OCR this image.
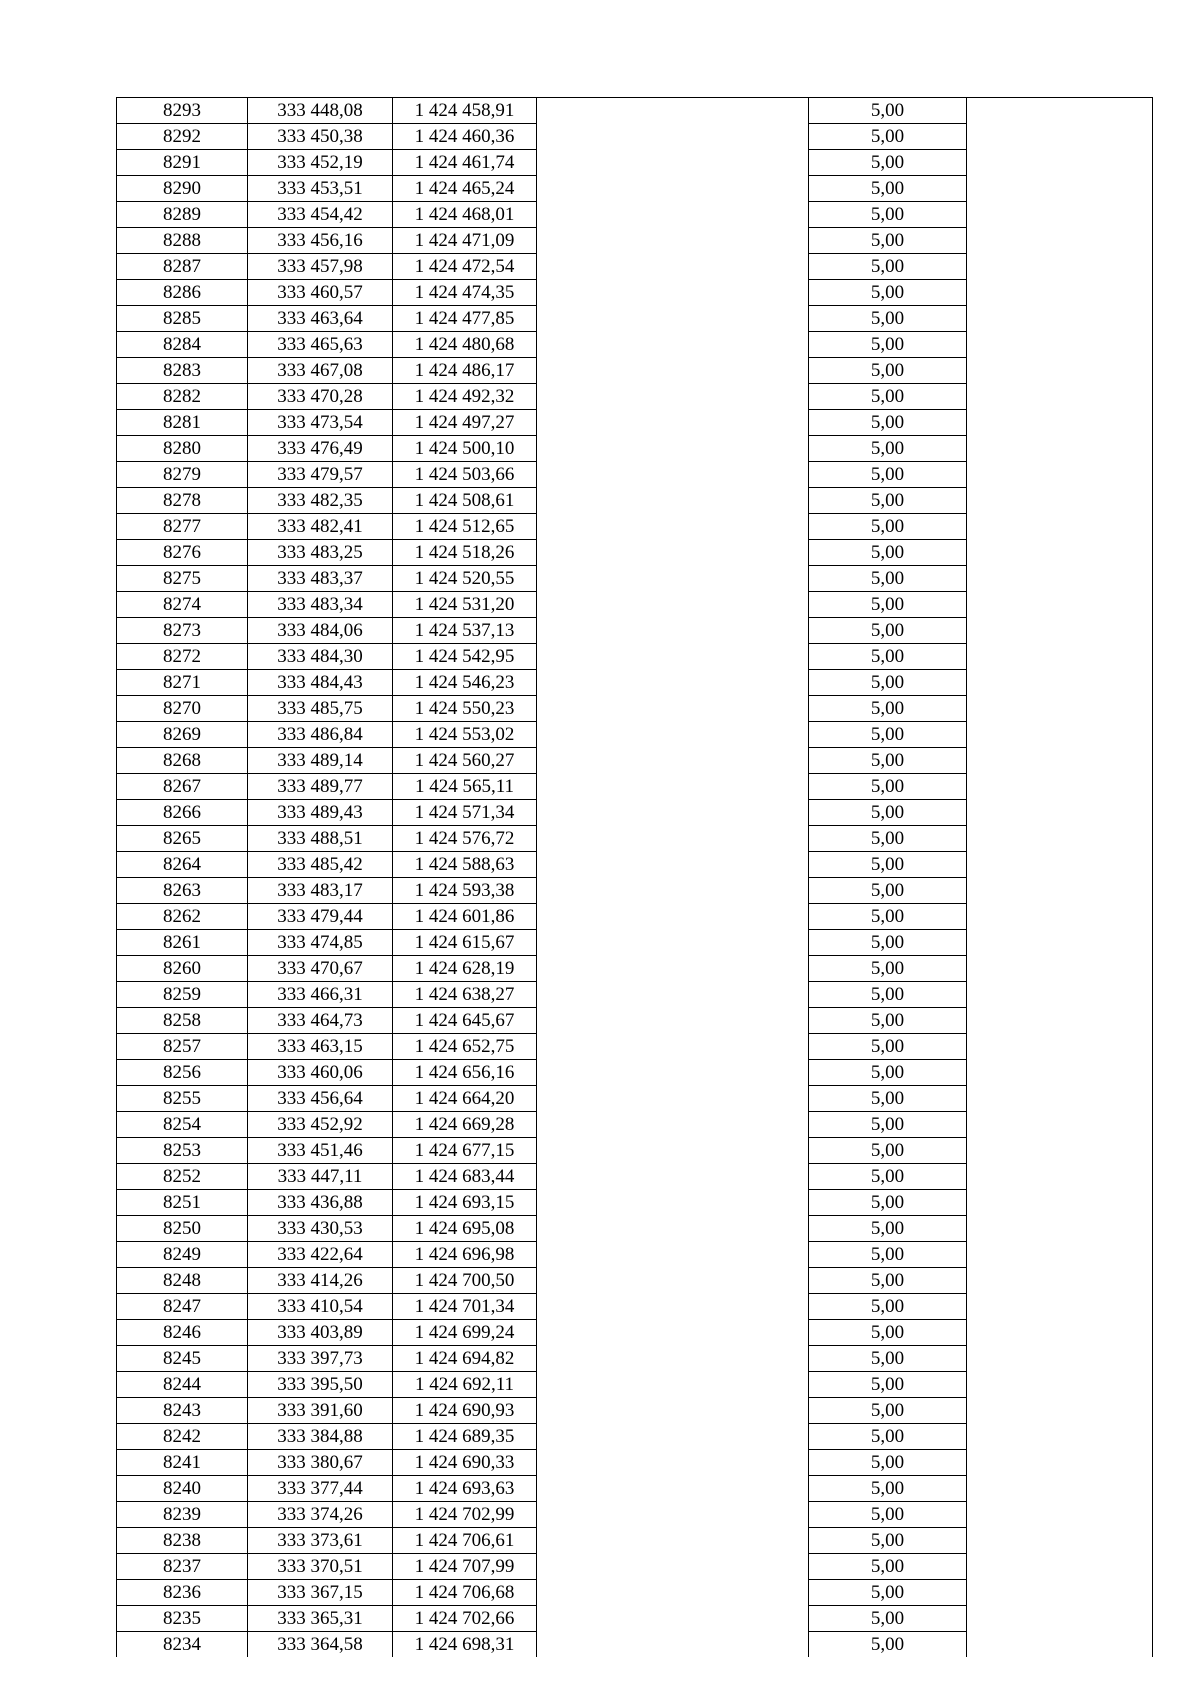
8293	333 448,08	1 424 458,91		5,00	
8292	333 450,38	1 424 460,36		5,00	
8291	333 452,19	1 424 461,74		5,00	
8290	333 453,51	1 424 465,24		5,00	
8289	333 454,42	1 424 468,01		5,00	
8288	333 456,16	1 424 471,09		5,00	
8287	333 457,98	1 424 472,54		5,00	
8286	333 460,57	1 424 474,35		5,00	
8285	333 463,64	1 424 477,85		5,00	
8284	333 465,63	1 424 480,68		5,00	
8283	333 467,08	1 424 486,17		5,00	
8282	333 470,28	1 424 492,32		5,00	
8281	333 473,54	1 424 497,27		5,00	
8280	333 476,49	1 424 500,10		5,00	
8279	333 479,57	1 424 503,66		5,00	
8278	333 482,35	1 424 508,61		5,00	
8277	333 482,41	1 424 512,65		5,00	
8276	333 483,25	1 424 518,26		5,00	
8275	333 483,37	1 424 520,55		5,00	
8274	333 483,34	1 424 531,20		5,00	
8273	333 484,06	1 424 537,13		5,00	
8272	333 484,30	1 424 542,95		5,00	
8271	333 484,43	1 424 546,23		5,00	
8270	333 485,75	1 424 550,23		5,00	
8269	333 486,84	1 424 553,02		5,00	
8268	333 489,14	1 424 560,27		5,00	
8267	333 489,77	1 424 565,11		5,00	
8266	333 489,43	1 424 571,34		5,00	
8265	333 488,51	1 424 576,72		5,00	
8264	333 485,42	1 424 588,63		5,00	
8263	333 483,17	1 424 593,38		5,00	
8262	333 479,44	1 424 601,86		5,00	
8261	333 474,85	1 424 615,67		5,00	
8260	333 470,67	1 424 628,19		5,00	
8259	333 466,31	1 424 638,27		5,00	
8258	333 464,73	1 424 645,67		5,00	
8257	333 463,15	1 424 652,75		5,00	
8256	333 460,06	1 424 656,16		5,00	
8255	333 456,64	1 424 664,20		5,00	
8254	333 452,92	1 424 669,28		5,00	
8253	333 451,46	1 424 677,15		5,00	
8252	333 447,11	1 424 683,44		5,00	
8251	333 436,88	1 424 693,15		5,00	
8250	333 430,53	1 424 695,08		5,00	
8249	333 422,64	1 424 696,98		5,00	
8248	333 414,26	1 424 700,50		5,00	
8247	333 410,54	1 424 701,34		5,00	
8246	333 403,89	1 424 699,24		5,00	
8245	333 397,73	1 424 694,82		5,00	
8244	333 395,50	1 424 692,11		5,00	
8243	333 391,60	1 424 690,93		5,00	
8242	333 384,88	1 424 689,35		5,00	
8241	333 380,67	1 424 690,33		5,00	
8240	333 377,44	1 424 693,63		5,00	
8239	333 374,26	1 424 702,99		5,00	
8238	333 373,61	1 424 706,61		5,00	
8237	333 370,51	1 424 707,99		5,00	
8236	333 367,15	1 424 706,68		5,00	
8235	333 365,31	1 424 702,66		5,00	
8234	333 364,58	1 424 698,31		5,00	
